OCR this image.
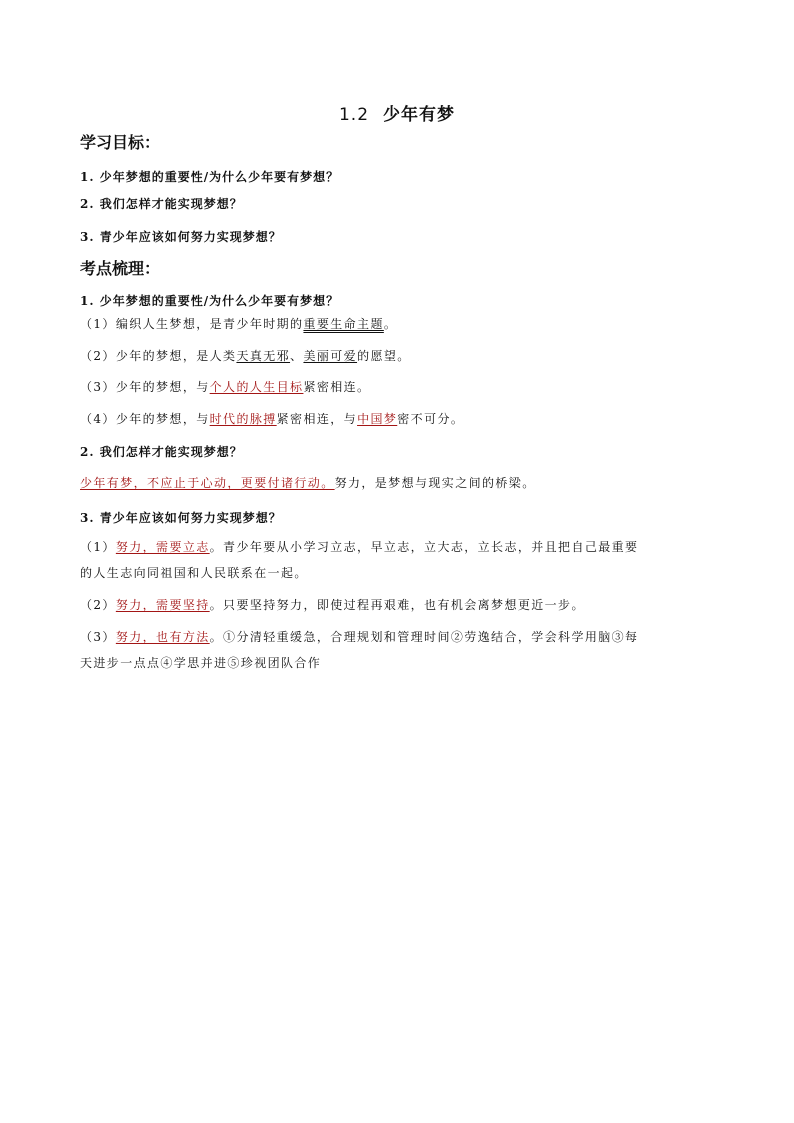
1.2 少年有梦
学习目标：
1. 少年梦想的重要性/为什么少年要有梦想？
2. 我们怎样才能实现梦想？
3. 青少年应该如何努力实现梦想？
考点梳理：
1. 少年梦想的重要性/为什么少年要有梦想？
（1）编织人生梦想，是青少年时期的重要生命主题。
（2）少年的梦想，是人类天真无邪、美丽可爱的愿望。
（3）少年的梦想，与个人的人生目标紧密相连。
（4）少年的梦想，与时代的脉搏紧密相连，与中国梦密不可分。
2. 我们怎样才能实现梦想？
少年有梦，不应止于心动，更要付诸行动。努力，是梦想与现实之间的桥梁。
3. 青少年应该如何努力实现梦想？
（1）努力，需要立志。青少年要从小学习立志，早立志，立大志，立长志，并且把自己最重要
的人生志向同祖国和人民联系在一起。
（2）努力，需要坚持。只要坚持努力，即使过程再艰难，也有机会离梦想更近一步。
（3）努力，也有方法。①分清轻重缓急，合理规划和管理时间②劳逸结合，学会科学用脑③每
天进步一点点④学思并进⑤珍视团队合作
